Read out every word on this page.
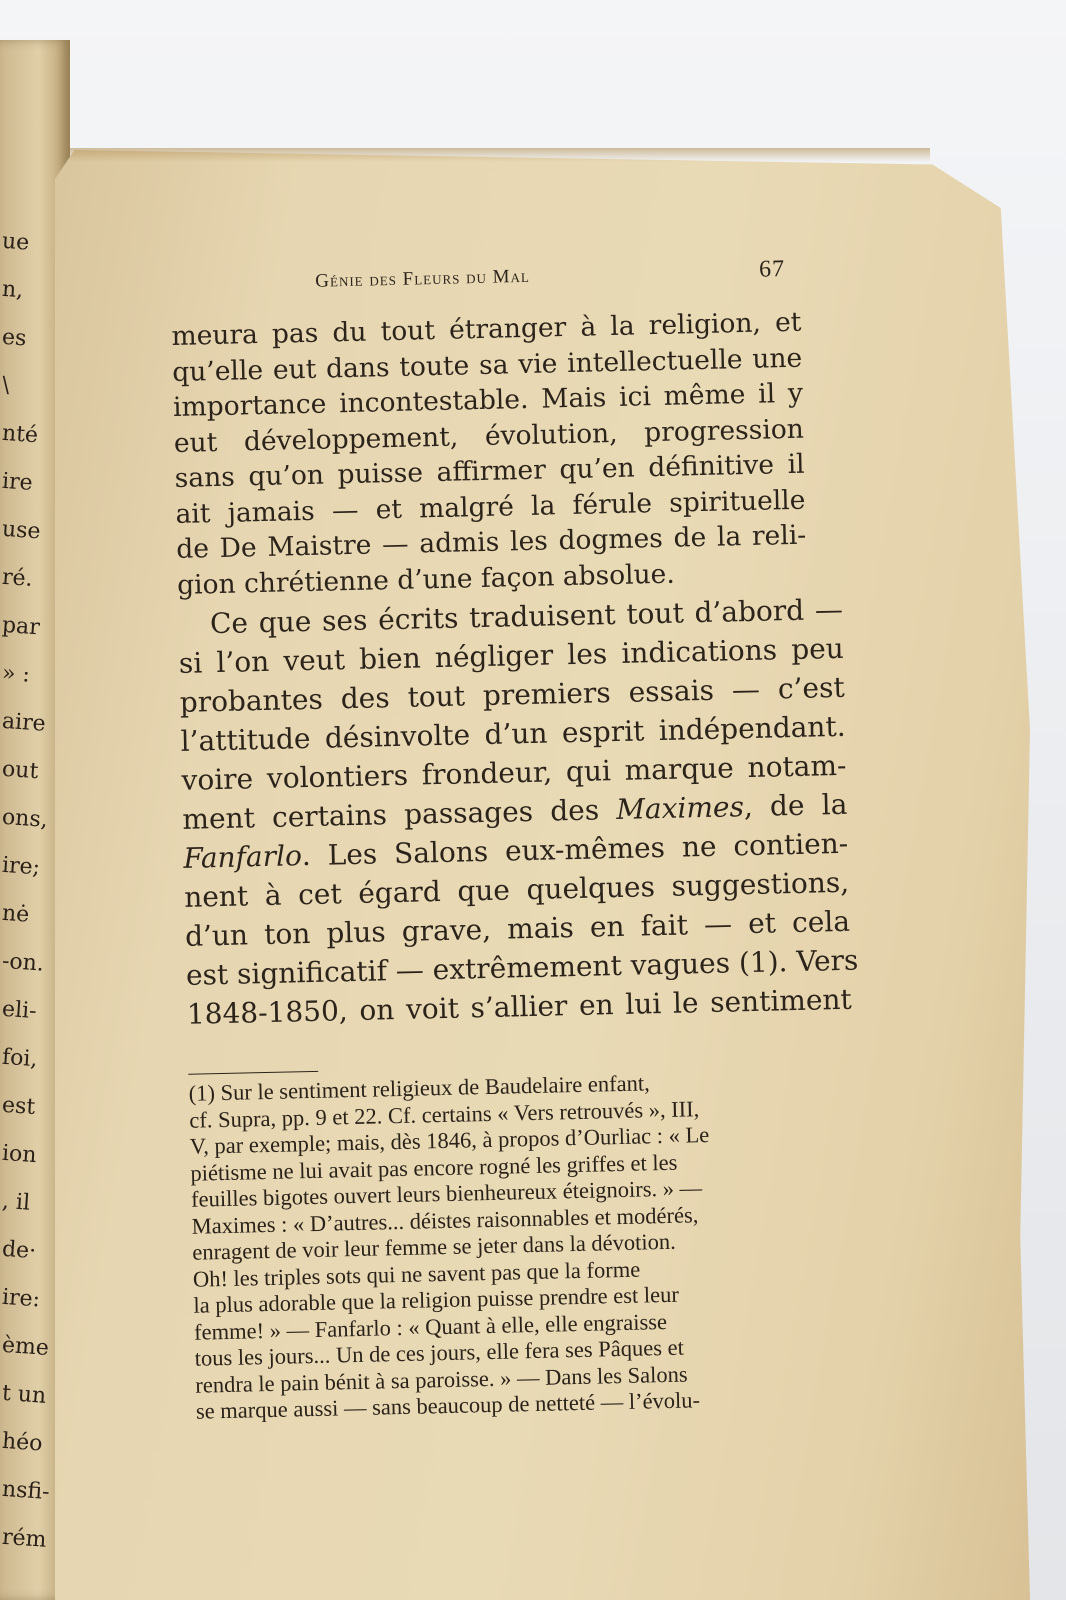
ue
n,
es
\
nté
ire
use
ré.
par
» :
aire
out
ons,
ire;
nė
-on.
eli-
foi,
est
ion
, il
de·
ire:
ème
t un
héo
nsfi-
rém
Génie des Fleurs du Mal	67
meura pas du tout étranger à la religion, et
qu’elle eut dans toute sa vie intellectuelle une
importance incontestable. Mais ici même il y
eut développement, évolution, progression
sans qu’on puisse affirmer qu’en définitive il
ait jamais — et malgré la férule spirituelle
de De Maistre — admis les dogmes de la reli-
gion chrétienne d’une façon absolue.
Ce que ses écrits traduisent tout d’abord —
si l’on veut bien négliger les indications peu
probantes des tout premiers essais — c’est
l’attitude désinvolte d’un esprit indépendant.
voire volontiers frondeur, qui marque notam-
ment certains passages des Maximes, de la
Fanfarlo. Les Salons eux-mêmes ne contien-
nent à cet égard que quelques suggestions,
d’un ton plus grave, mais en fait — et cela
est significatif — extrêmement vagues (1). Vers
1848-1850, on voit s’allier en lui le sentiment
(1) Sur le sentiment religieux de Baudelaire enfant,
cf. Supra, pp. 9 et 22. Cf. certains « Vers retrouvés », III,
V, par exemple; mais, dès 1846, à propos d’Ourliac : « Le
piétisme ne lui avait pas encore rogné les griffes et les
feuilles bigotes ouvert leurs bienheureux éteignoirs. » —
Maximes : « D’autres... déistes raisonnables et modérés,
enragent de voir leur femme se jeter dans la dévotion.
Oh! les triples sots qui ne savent pas que la forme
la plus adorable que la religion puisse prendre est leur
femme! » — Fanfarlo : « Quant à elle, elle engraisse
tous les jours... Un de ces jours, elle fera ses Pâques et
rendra le pain bénit à sa paroisse. » — Dans les Salons
se marque aussi — sans beaucoup de netteté — l’évolu-
